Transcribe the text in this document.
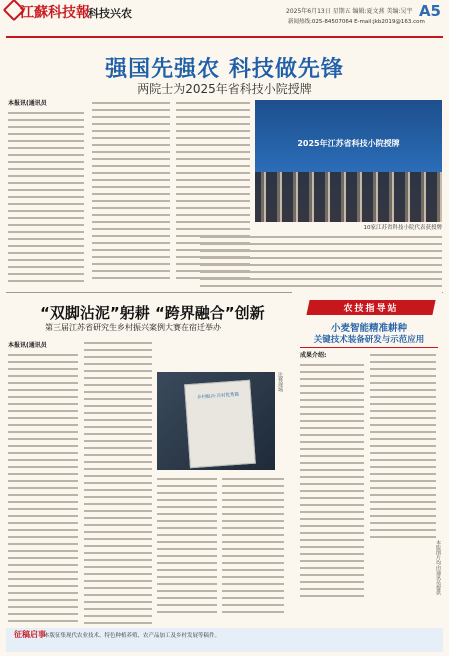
江蘇科技報
科技兴农	2025年6月13日 星期五 编辑:夏文燕 美编:吴宇
新闻热线:025-84507064 E-mail:jkb2019@163.com
A5
强国先强农 科技做先锋
两院士为2025年省科技小院授牌
本报讯(通讯员
2025年江苏省科技小院授牌
10家江苏省科技小院代表获授牌
“双脚沾泥”躬耕 “跨界融合”创新
第三届江苏省研究生乡村振兴案例大赛在宿迁举办
本报讯(通讯员
乡村振兴·百村优秀篇
比赛现场
农技指导站
小麦智能精准耕种
关键技术装备研发与示范应用
成果介绍:
本版图片均由通讯员提供
征稿启事
本版征集现代农业技术、特色种植养殖、农产品加工及乡村发展等稿件。
